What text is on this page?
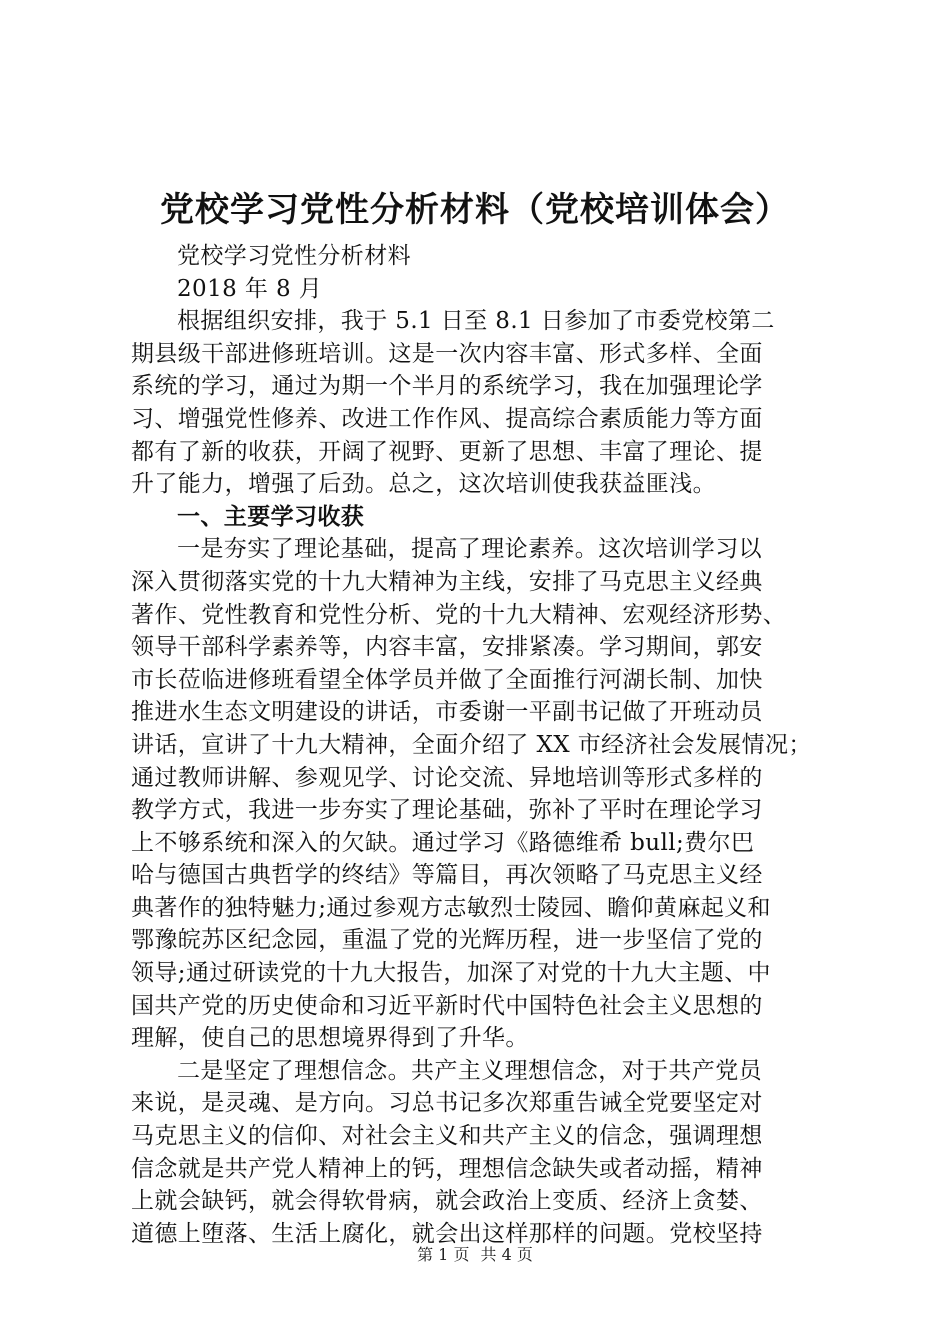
党校学习党性分析材料（党校培训体会）

党校学习党性分析材料

2018 年 8 月

根据组织安排，我于 5.1 日至 8.1 日参加了市委党校第二

期县级干部进修班培训。这是一次内容丰富、形式多样、全面

系统的学习，通过为期一个半月的系统学习，我在加强理论学

习、增强党性修养、改进工作作风、提高综合素质能力等方面

都有了新的收获，开阔了视野、更新了思想、丰富了理论、提

升了能力，增强了后劲。总之，这次培训使我获益匪浅。

一、主要学习收获

一是夯实了理论基础，提高了理论素养。这次培训学习以

深入贯彻落实党的十九大精神为主线，安排了马克思主义经典

著作、党性教育和党性分析、党的十九大精神、宏观经济形势、

领导干部科学素养等，内容丰富，安排紧凑。学习期间，郭安

市长莅临进修班看望全体学员并做了全面推行河湖长制、加快

推进水生态文明建设的讲话，市委谢一平副书记做了开班动员

讲话，宣讲了十九大精神，全面介绍了 XX 市经济社会发展情况；

通过教师讲解、参观见学、讨论交流、异地培训等形式多样的

教学方式，我进一步夯实了理论基础，弥补了平时在理论学习

上不够系统和深入的欠缺。通过学习《路德维希 bull;费尔巴

哈与德国古典哲学的终结》等篇目，再次领略了马克思主义经

典著作的独特魅力;通过参观方志敏烈士陵园、瞻仰黄麻起义和

鄂豫皖苏区纪念园，重温了党的光辉历程，进一步坚信了党的

领导;通过研读党的十九大报告，加深了对党的十九大主题、中

国共产党的历史使命和习近平新时代中国特色社会主义思想的

理解，使自己的思想境界得到了升华。

二是坚定了理想信念。共产主义理想信念，对于共产党员

来说，是灵魂、是方向。习总书记多次郑重告诫全党要坚定对

马克思主义的信仰、对社会主义和共产主义的信念，强调理想

信念就是共产党人精神上的钙，理想信念缺失或者动摇，精神

上就会缺钙，就会得软骨病，就会政治上变质、经济上贪婪、

道德上堕落、生活上腐化，就会出这样那样的问题。党校坚持

第 1 页 共 4 页
